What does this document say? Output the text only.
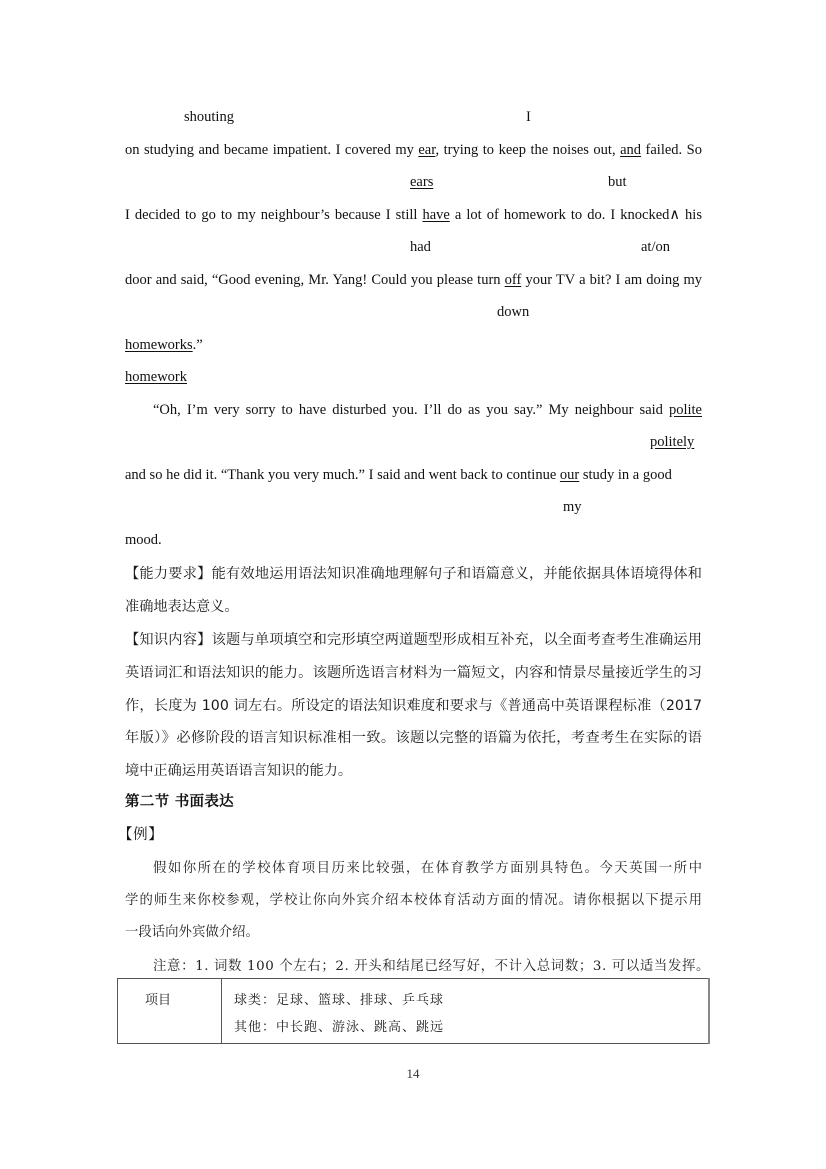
shouting	I
on studying and became impatient. I covered my ear, trying to keep the noises out, and failed. So
ears	but
I decided to go to my neighbour’s because I still have a lot of homework to do. I knocked∧ his
had	at/on
door and said, “Good evening, Mr. Yang! Could you please turn off your TV a bit? I am doing my
down
homeworks.”
homework
“Oh, I’m very sorry to have disturbed you. I’ll do as you say.” My neighbour said polite
politely
and so he did it. “Thank you very much.” I said and went back to continue our study in a good
my
mood.
【能力要求】能有效地运用语法知识准确地理解句子和语篇意义，并能依据具体语境得体和
准确地表达意义。
【知识内容】该题与单项填空和完形填空两道题型形成相互补充，以全面考查考生准确运用
英语词汇和语法知识的能力。该题所选语言材料为一篇短文，内容和情景尽量接近学生的习
作，长度为 100 词左右。所设定的语法知识难度和要求与《普通高中英语课程标准（2017
年版）》必修阶段的语言知识标准相一致。该题以完整的语篇为依托，考查考生在实际的语
境中正确运用英语语言知识的能力。
第二节 书面表达
【例】
假如你所在的学校体育项目历来比较强，在体育教学方面别具特色。今天英国一所中
学的师生来你校参观，学校让你向外宾介绍本校体育活动方面的情况。请你根据以下提示用
一段话向外宾做介绍。
注意：1. 词数 100 个左右；2. 开头和结尾已经写好，不计入总词数；3. 可以适当发挥。
项目	球类：足球、篮球、排球、乒乓球
其他：中长跑、游泳、跳高、跳远
14
